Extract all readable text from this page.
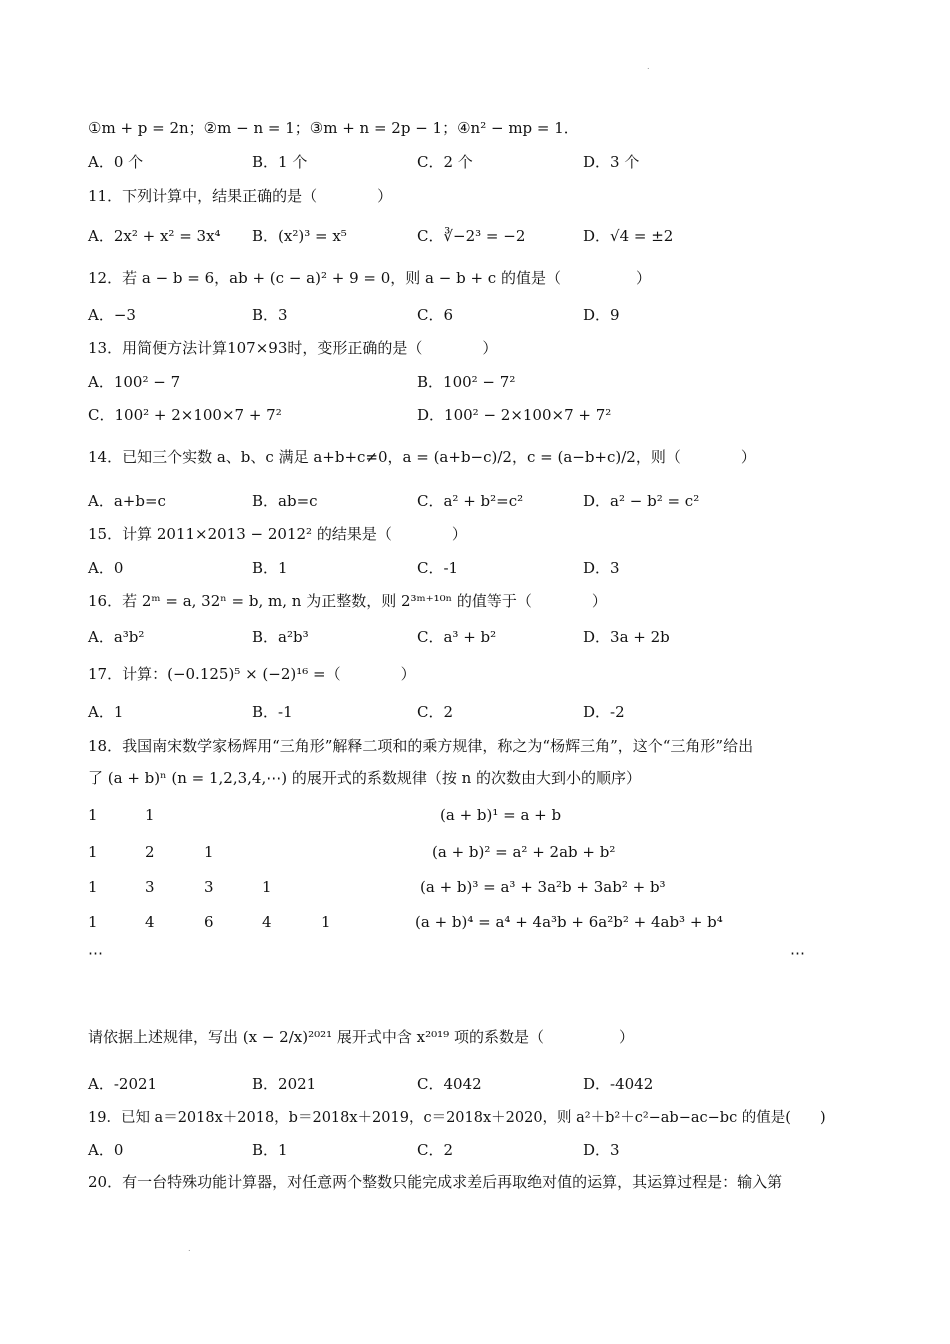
.
①m + p = 2n；②m − n = 1；③m + n = 2p − 1；④n² − mp = 1．
A．0 个	B．1 个	C．2 个	D．3 个
11．下列计算中，结果正确的是（　　　　）
A．2x² + x² = 3x⁴ B．(x²)³ = x⁵	C．∛−2³ = −2	D．√4 = ±2
12．若 a − b = 6，ab + (c − a)² + 9 = 0，则 a − b + c 的值是（　　　　　）
A．−3	B．3	C．6	D．9
13．用简便方法计算107×93时，变形正确的是（　　　　）
A．100² − 7	B．100² − 7²
C．100² + 2×100×7 + 7²	D．100² − 2×100×7 + 7²
14．已知三个实数 a、b、c 满足 a+b+c≠0，a = (a+b−c)/2，c = (a−b+c)/2，则（　　　　）
A．a+b=c	B．ab=c	C．a² + b²=c²	D．a² − b² = c²
15．计算 2011×2013 − 2012² 的结果是（　　　　）
A．0	B．1	C．-1	D．3
16．若 2ᵐ = a, 32ⁿ = b, m, n 为正整数，则 2³ᵐ⁺¹⁰ⁿ 的值等于（　　　　）
A．a³b²	B．a²b³	C．a³ + b²	D．3a + 2b
17．计算：(−0.125)⁵ × (−2)¹⁶ =（　　　　）
A．1	B．-1	C．2	D．-2
18．我国南宋数学家杨辉用“三角形”解释二项和的乘方规律，称之为“杨辉三角”，这个“三角形”给出
了 (a + b)ⁿ (n = 1,2,3,4,⋯) 的展开式的系数规律（按 n 的次数由大到小的顺序）
1	1	(a + b)¹ = a + b
1	2	1	(a + b)² = a² + 2ab + b²
1	3	3	1	(a + b)³ = a³ + 3a²b + 3ab² + b³
1	4	6	4	1	(a + b)⁴ = a⁴ + 4a³b + 6a²b² + 4ab³ + b⁴
⋯	⋯
请依据上述规律，写出 (x − 2/x)²⁰²¹ 展开式中含 x²⁰¹⁹ 项的系数是（　　　　　）
A．-2021	B．2021	C．4042	D．-4042
19．已知 a＝2018x＋2018，b＝2018x＋2019，c＝2018x＋2020，则 a²＋b²＋c²−ab−ac−bc 的值是(　　)
A．0	B．1	C．2	D．3
20．有一台特殊功能计算器，对任意两个整数只能完成求差后再取绝对值的运算，其运算过程是：输入第
.
